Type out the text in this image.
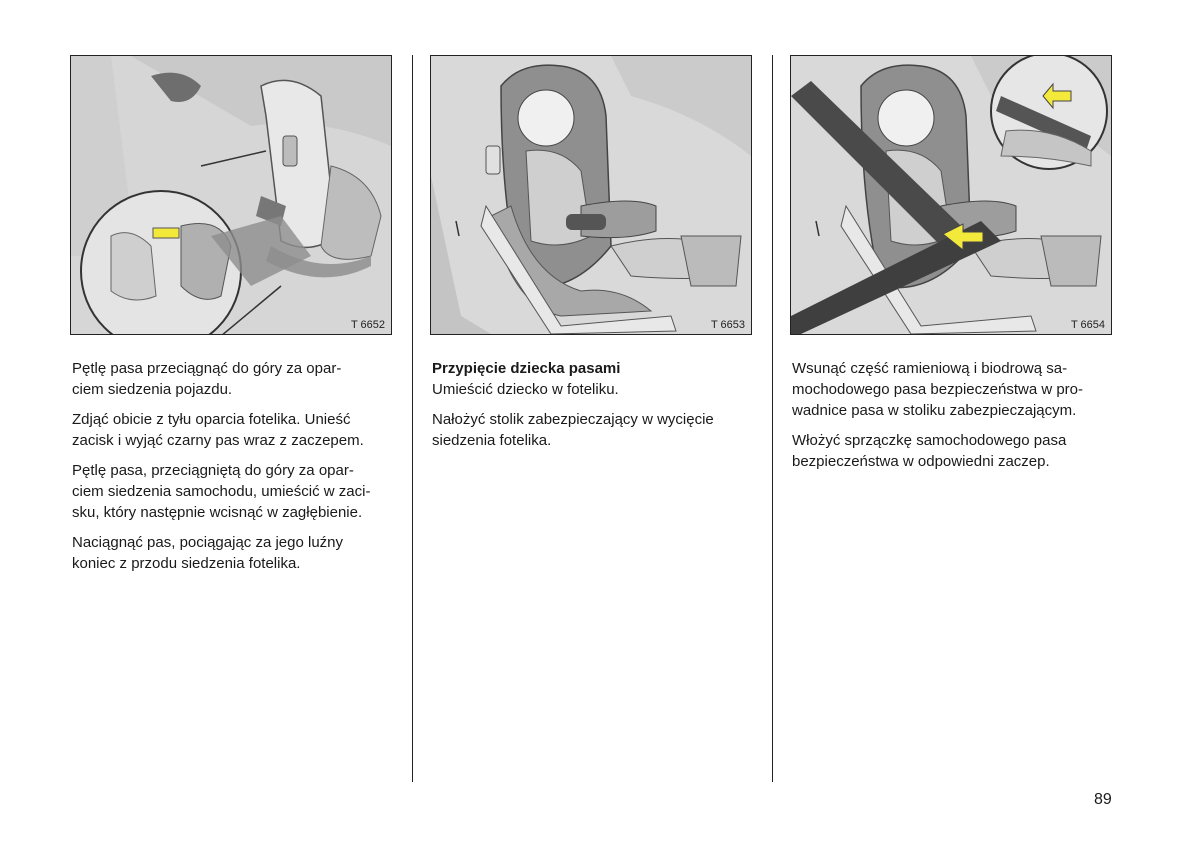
T 6652

Pętlę pasa przeciągnąć do góry za opar-
ciem siedzenia pojazdu.

Zdjąć obicie z tyłu oparcia fotelika. Unieść
zacisk i wyjąć czarny pas wraz z zaczepem.

Pętlę pasa, przeciągniętą do góry za opar-
ciem siedzenia samochodu, umieścić w zaci-
sku, który następnie wcisnąć w zagłębienie.

Naciągnąć pas, pociągając za jego luźny
koniec z przodu siedzenia fotelika.

T 6653

Przypięcie dziecka pasami
Umieścić dziecko w foteliku.

Nałożyć stolik zabezpieczający w wycięcie
siedzenia fotelika.

T 6654

Wsunąć część ramieniową i biodrową sa-
mochodowego pasa bezpieczeństwa w pro-
wadnice pasa w stoliku zabezpieczającym.

Włożyć sprzączkę samochodowego pasa
bezpieczeństwa w odpowiedni zaczep.

89
